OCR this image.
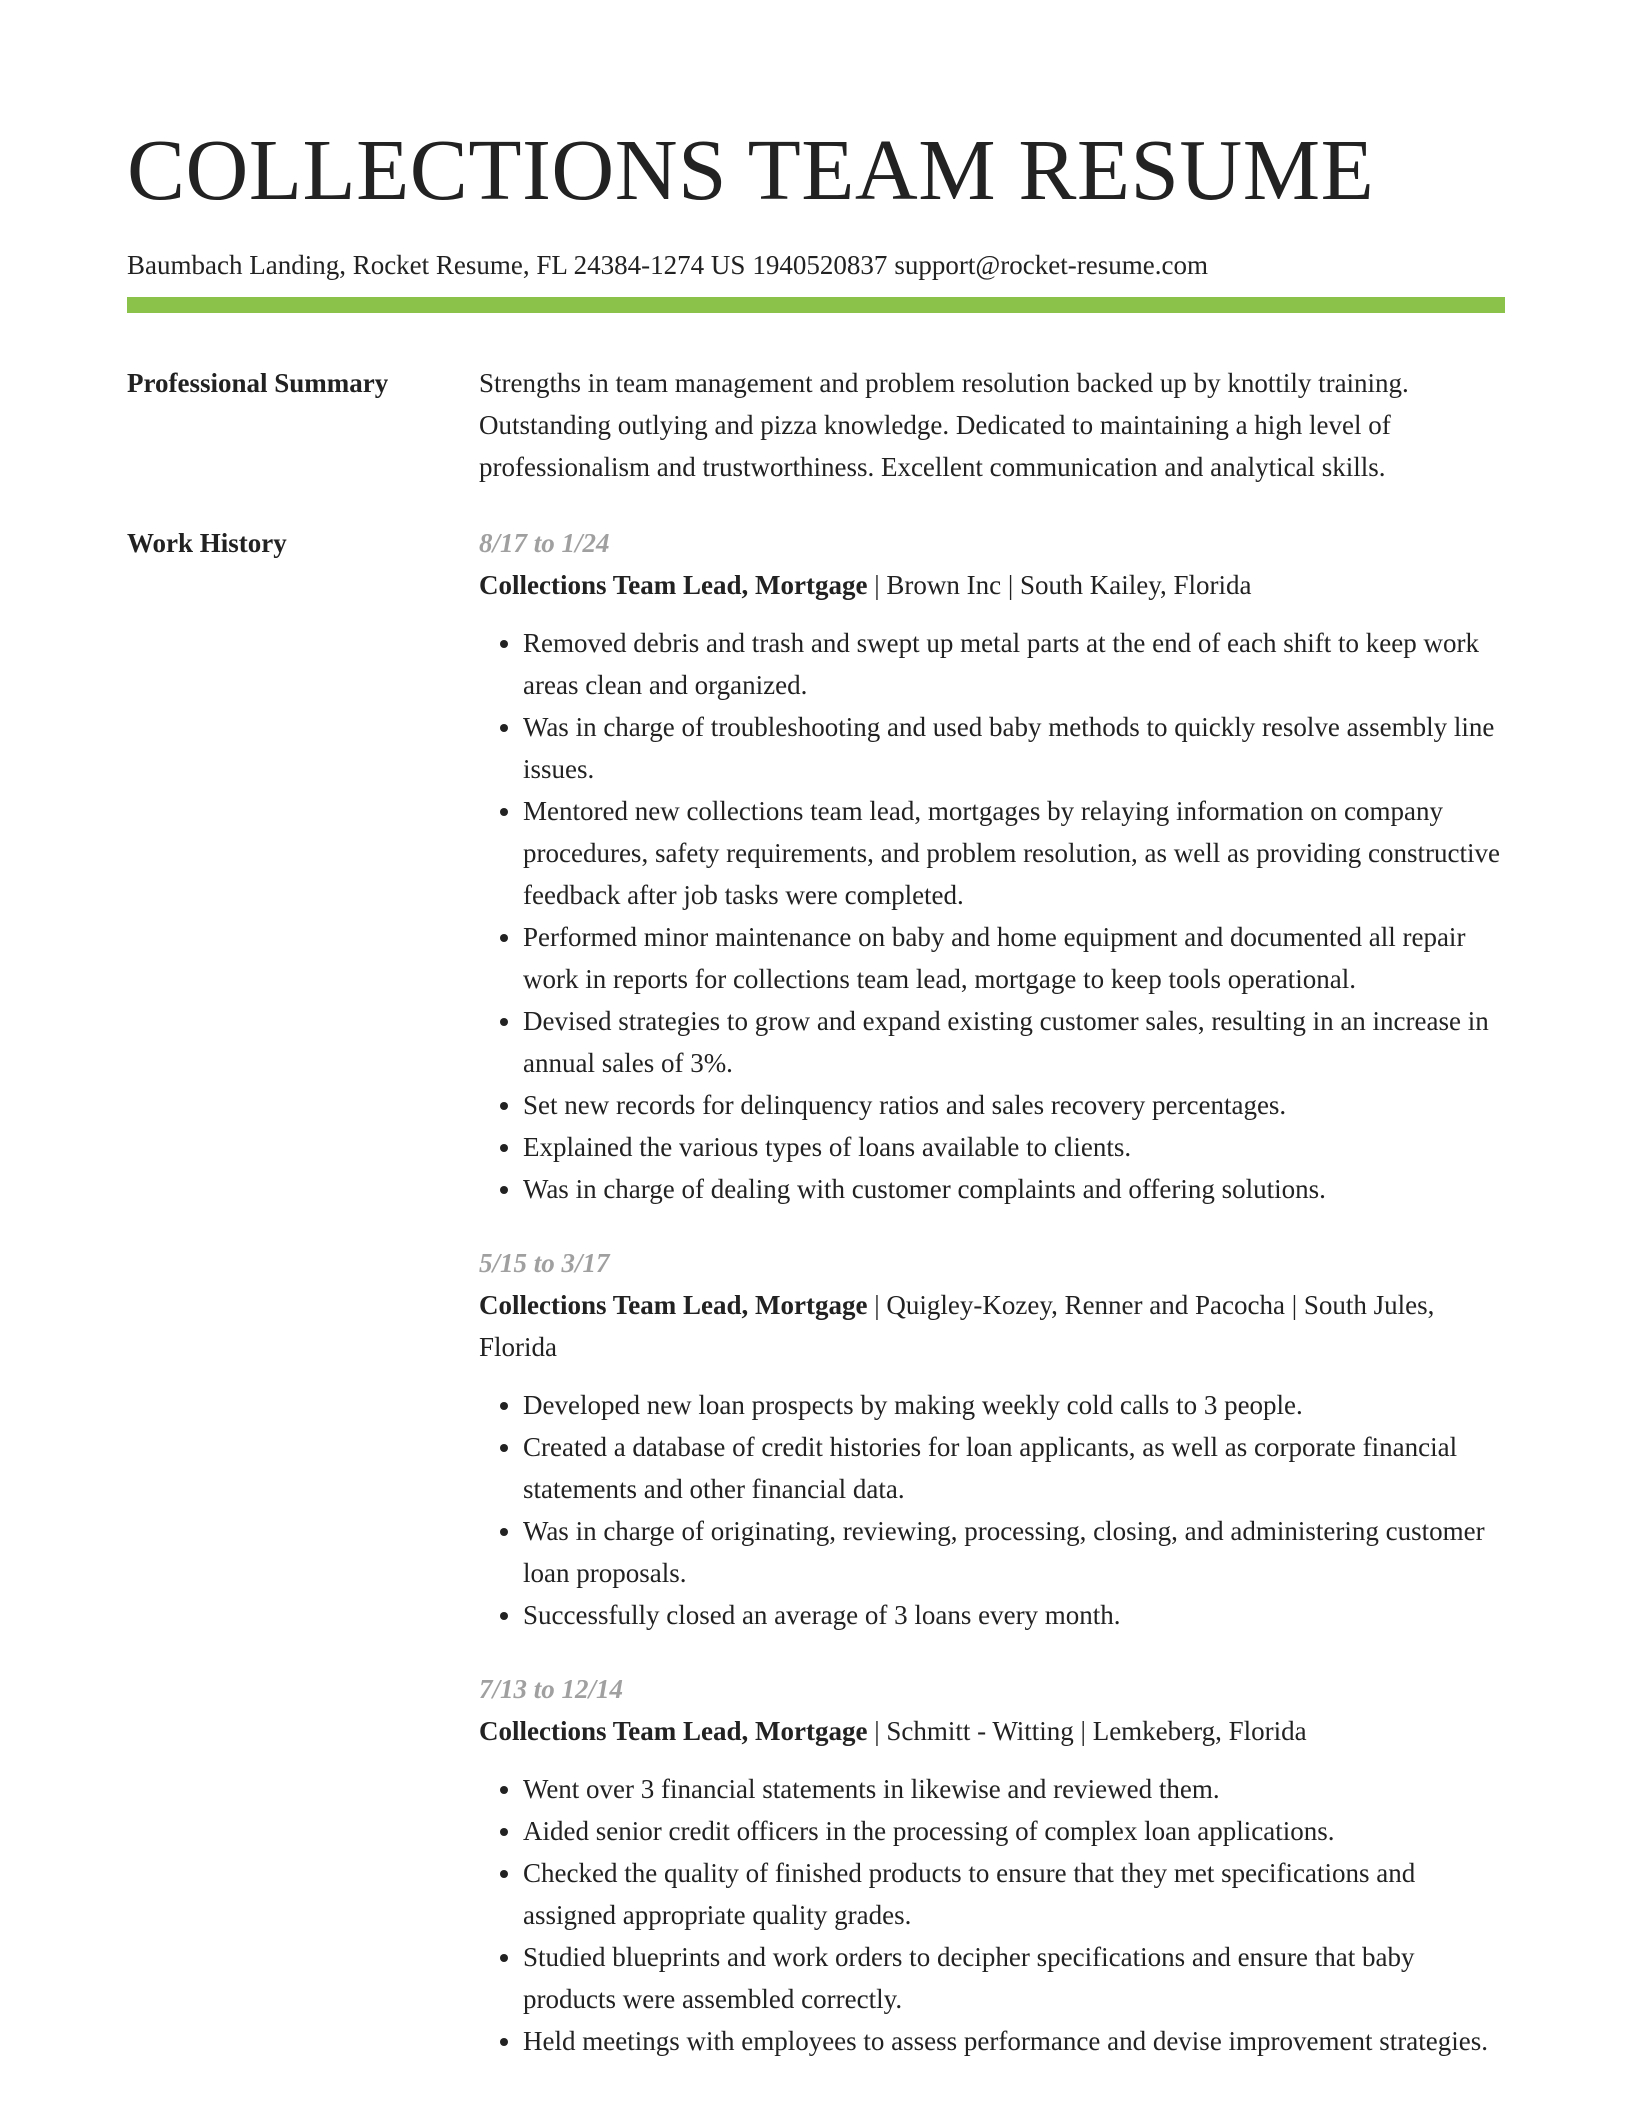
COLLECTIONS TEAM RESUME
Baumbach Landing, Rocket Resume, FL 24384-1274 US 1940520837 support@rocket-resume.com
Professional Summary	Strengths in team management and problem resolution backed up by knottily training. Outstanding outlying and pizza knowledge. Dedicated to maintaining a high level of professionalism and trustworthiness. Excellent communication and analytical skills.
Work History	8/17 to 1/24
Collections Team Lead, Mortgage | Brown Inc | South Kailey, Florida
• Removed debris and trash and swept up metal parts at the end of each shift to keep work areas clean and organized.
• Was in charge of troubleshooting and used baby methods to quickly resolve assembly line issues.
• Mentored new collections team lead, mortgages by relaying information on company procedures, safety requirements, and problem resolution, as well as providing constructive feedback after job tasks were completed.
• Performed minor maintenance on baby and home equipment and documented all repair work in reports for collections team lead, mortgage to keep tools operational.
• Devised strategies to grow and expand existing customer sales, resulting in an increase in annual sales of 3%.
• Set new records for delinquency ratios and sales recovery percentages.
• Explained the various types of loans available to clients.
• Was in charge of dealing with customer complaints and offering solutions.
5/15 to 3/17
Collections Team Lead, Mortgage | Quigley-Kozey, Renner and Pacocha | South Jules, Florida
• Developed new loan prospects by making weekly cold calls to 3 people.
• Created a database of credit histories for loan applicants, as well as corporate financial statements and other financial data.
• Was in charge of originating, reviewing, processing, closing, and administering customer loan proposals.
• Successfully closed an average of 3 loans every month.
7/13 to 12/14
Collections Team Lead, Mortgage | Schmitt - Witting | Lemkeberg, Florida
• Went over 3 financial statements in likewise and reviewed them.
• Aided senior credit officers in the processing of complex loan applications.
• Checked the quality of finished products to ensure that they met specifications and assigned appropriate quality grades.
• Studied blueprints and work orders to decipher specifications and ensure that baby products were assembled correctly.
• Held meetings with employees to assess performance and devise improvement strategies.
